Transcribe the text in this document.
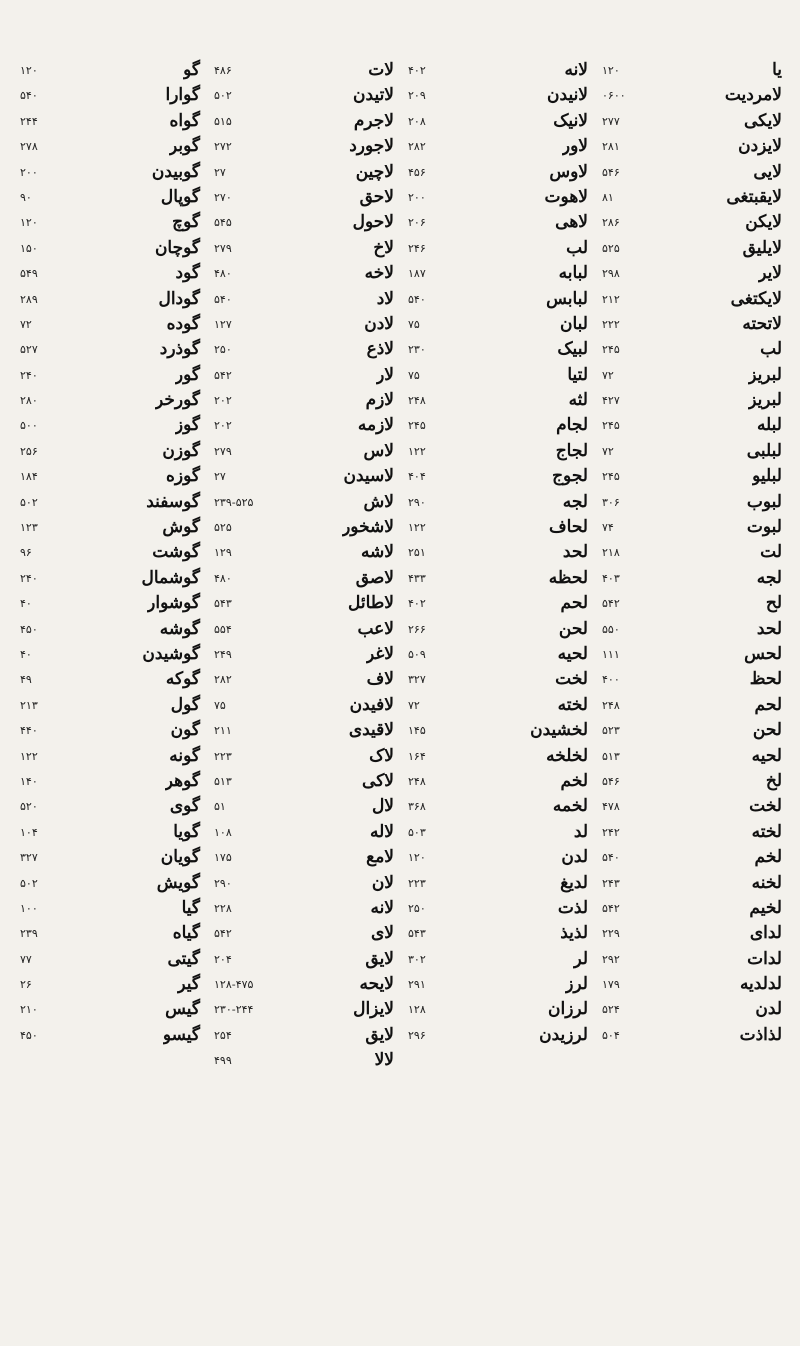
۱۲۰	گو
۵۴۰	گوارا
۲۴۴	گواه
۲۷۸	گوبر
۲۰۰	گوبیدن
۹۰	گوپال
۱۲۰	گوچ
۱۵۰	گوچان
۵۴۹	گود
۲۸۹	گودال
۷۲	گوده
۵۲۷	گوذرد
۲۴۰	گور
۲۸۰	گورخر
۵۰۰	گوز
۲۵۶	گوزن
۱۸۴	گوزه
۵۰۲	گوسفند
۱۲۳	گوش
۹۶	گوشت
۲۴۰	گوشمال
۴۰	گوشوار
۴۵۰	گوشه
۴۰	گوشیدن
۴۹	گوکه
۲۱۳	گول
۴۴۰	گون
۱۲۲	گونه
۱۴۰	گوهر
۵۲۰	گوی
۱۰۴	گویا
۳۲۷	گویان
۵۰۲	گویش
۱۰۰	گیا
۲۳۹	گیاه
۷۷	گیتی
۲۶	گیر
۲۱۰	گیس
۴۵۰	گیسو
۴۸۶	لات
۵۰۲	لاتیدن
۵۱۵	لاجرم
۲۷۲	لاجورد
۲۷	لاچین
۲۷۰	لاحق
۵۴۵	لاحول
۲۷۹	لاخ
۴۸۰	لاخه
۵۴۰	لاد
۱۲۷	لادن
۲۵۰	لاذع
۵۴۲	لار
۲۰۲	لازم
۲۰۲	لازمه
۲۷۹	لاس
۲۷	لاسیدن
۲۳۹-۵۲۵	لاش
۵۲۵	لاشخور
۱۲۹	لاشه
۴۸۰	لاصق
۵۴۳	لاطائل
۵۵۴	لاعب
۲۴۹	لاغر
۲۸۲	لاف
۷۵	لافیدن
۲۱۱	لاقیدی
۲۲۳	لاک
۵۱۳	لاکی
۵۱	لال
۱۰۸	لاله
۱۷۵	لامع
۲۹۰	لان
۲۲۸	لانه
۵۴۲	لای
۲۰۴	لایق
۱۲۸-۴۷۵	لایحه
۲۳۰-۲۴۴	لایزال
۲۵۴	لایق
۴۹۹	لالا
۴۰۲	لانه
۲۰۹	لانیدن
۲۰۸	لانیک
۲۸۲	لاور
۴۵۶	لاوس
۲۰۰	لاهوت
۲۰۶	لاهی
۲۴۶	لب
۱۸۷	لبابه
۵۴۰	لبابس
۷۵	لبان
۲۳۰	لبیک
۷۵	لتیا
۲۴۸	لثه
۲۴۵	لجام
۱۲۲	لجاج
۴۰۴	لجوج
۲۹۰	لجه
۱۲۲	لحاف
۲۵۱	لحد
۴۳۳	لحظه
۴۰۲	لحم
۲۶۶	لحن
۵۰۹	لحیه
۳۲۷	لخت
۷۲	لخته
۱۴۵	لخشیدن
۱۶۴	لخلخه
۲۴۸	لخم
۳۶۸	لخمه
۵۰۳	لد
۱۲۰	لدن
۲۲۳	لدیغ
۲۵۰	لذت
۵۴۳	لذیذ
۳۰۲	لر
۲۹۱	لرز
۱۲۸	لرزان
۲۹۶	لرزیدن
۱۲۰	یا
۰۶۰۰	لامردیت
۲۷۷	لایکی
۲۸۱	لایزدن
۵۴۶	لایی
۸۱	لایقبتغی
۲۸۶	لایکن
۵۲۵	لایلیق
۲۹۸	لایر
۲۱۲	لایکتغی
۲۲۲	لاتحته
۲۴۵	لب
۷۲	لبریز
۴۲۷	لبریز
۲۴۵	لبله
۷۲	لبلبی
۲۴۵	لبلیو
۳۰۶	لبوب
۷۴	لبوت
۲۱۸	لت
۴۰۳	لجه
۵۴۲	لح
۵۵۰	لحد
۱۱۱	لحس
۴۰۰	لحظ
۲۴۸	لحم
۵۲۳	لحن
۵۱۳	لحیه
۵۴۶	لخ
۴۷۸	لخت
۲۴۲	لخته
۵۴۰	لخم
۲۴۳	لخنه
۵۴۲	لخیم
۲۲۹	لدای
۲۹۲	لدات
۱۷۹	لدلدیه
۵۲۴	لدن
۵۰۴	لذاذت
